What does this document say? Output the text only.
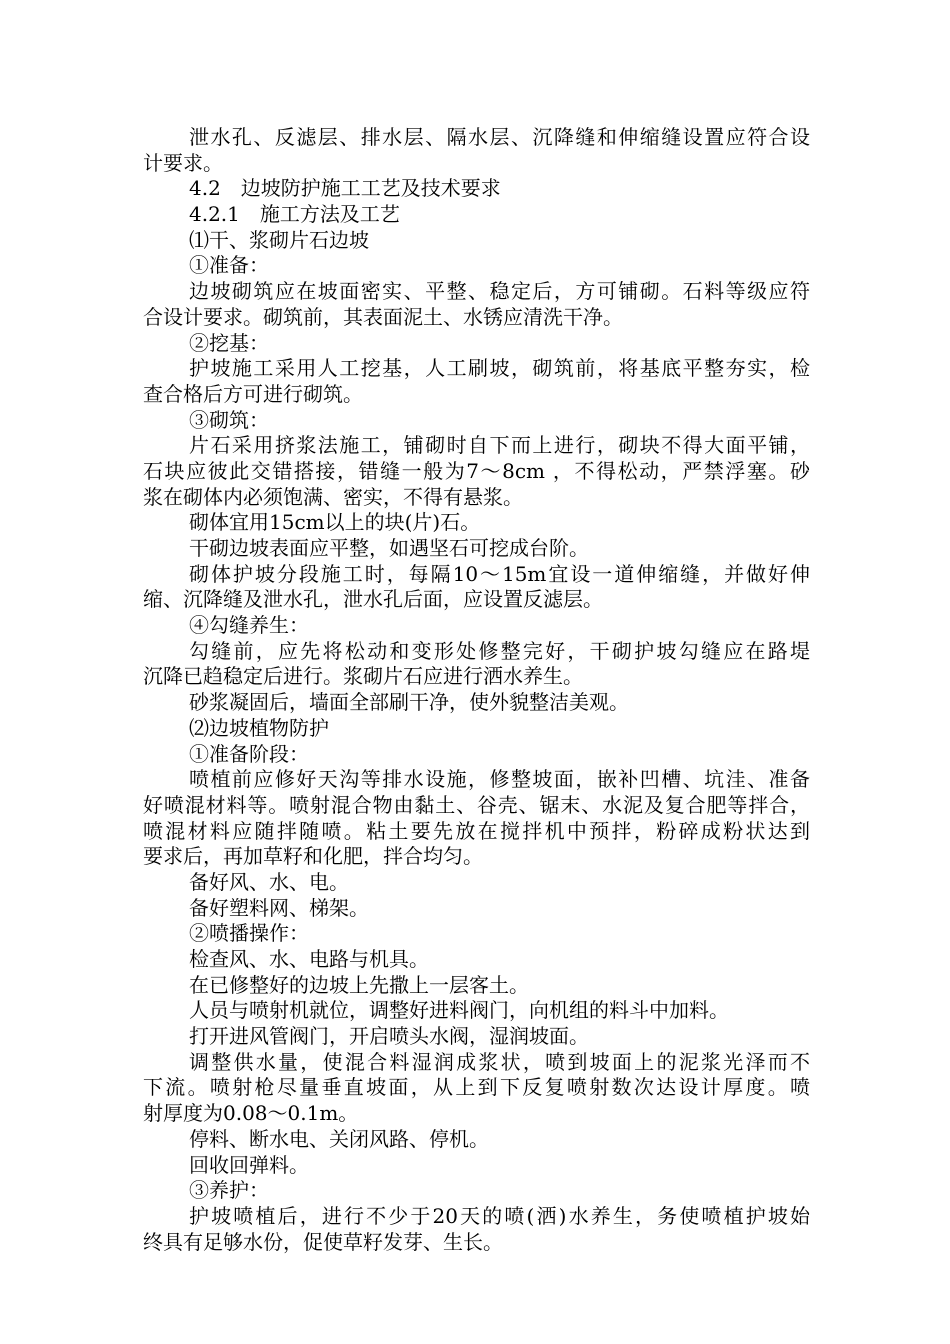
泄水孔、反滤层、排水层、隔水层、沉降缝和伸缩缝设置应符合设
计要求。
4.2　边坡防护施工工艺及技术要求
4.2.1　施工方法及工艺
⑴干、浆砌片石边坡
①准备：
边坡砌筑应在坡面密实、平整、稳定后，方可铺砌。石料等级应符
合设计要求。砌筑前，其表面泥土、水锈应清洗干净。
②挖基：
护坡施工采用人工挖基，人工刷坡，砌筑前，将基底平整夯实，检
查合格后方可进行砌筑。
③砌筑：
片石采用挤浆法施工，铺砌时自下而上进行，砌块不得大面平铺，
石块应彼此交错搭接，错缝一般为7～8cm ，不得松动，严禁浮塞。砂
浆在砌体内必须饱满、密实，不得有悬浆。
砌体宜用15cm以上的块(片)石。
干砌边坡表面应平整，如遇坚石可挖成台阶。
砌体护坡分段施工时，每隔10～15m宜设一道伸缩缝，并做好伸
缩、沉降缝及泄水孔，泄水孔后面，应设置反滤层。
④勾缝养生：
勾缝前，应先将松动和变形处修整完好，干砌护坡勾缝应在路堤
沉降已趋稳定后进行。浆砌片石应进行洒水养生。
砂浆凝固后，墙面全部刷干净，使外貌整洁美观。
⑵边坡植物防护
①准备阶段：
喷植前应修好天沟等排水设施，修整坡面，嵌补凹槽、坑洼、准备
好喷混材料等。喷射混合物由黏土、谷壳、锯末、水泥及复合肥等拌合，
喷混材料应随拌随喷。粘土要先放在搅拌机中预拌，粉碎成粉状达到
要求后，再加草籽和化肥，拌合均匀。
备好风、水、电。
备好塑料网、梯架。
②喷播操作：
检查风、水、电路与机具。
在已修整好的边坡上先撒上一层客土。
人员与喷射机就位，调整好进料阀门，向机组的料斗中加料。
打开进风管阀门，开启喷头水阀，湿润坡面。
调整供水量，使混合料湿润成浆状，喷到坡面上的泥浆光泽而不
下流。喷射枪尽量垂直坡面，从上到下反复喷射数次达设计厚度。喷
射厚度为0.08～0.1m。
停料、断水电、关闭风路、停机。
回收回弹料。
③养护：
护坡喷植后，进行不少于20天的喷(洒)水养生，务使喷植护坡始
终具有足够水份，促使草籽发芽、生长。
